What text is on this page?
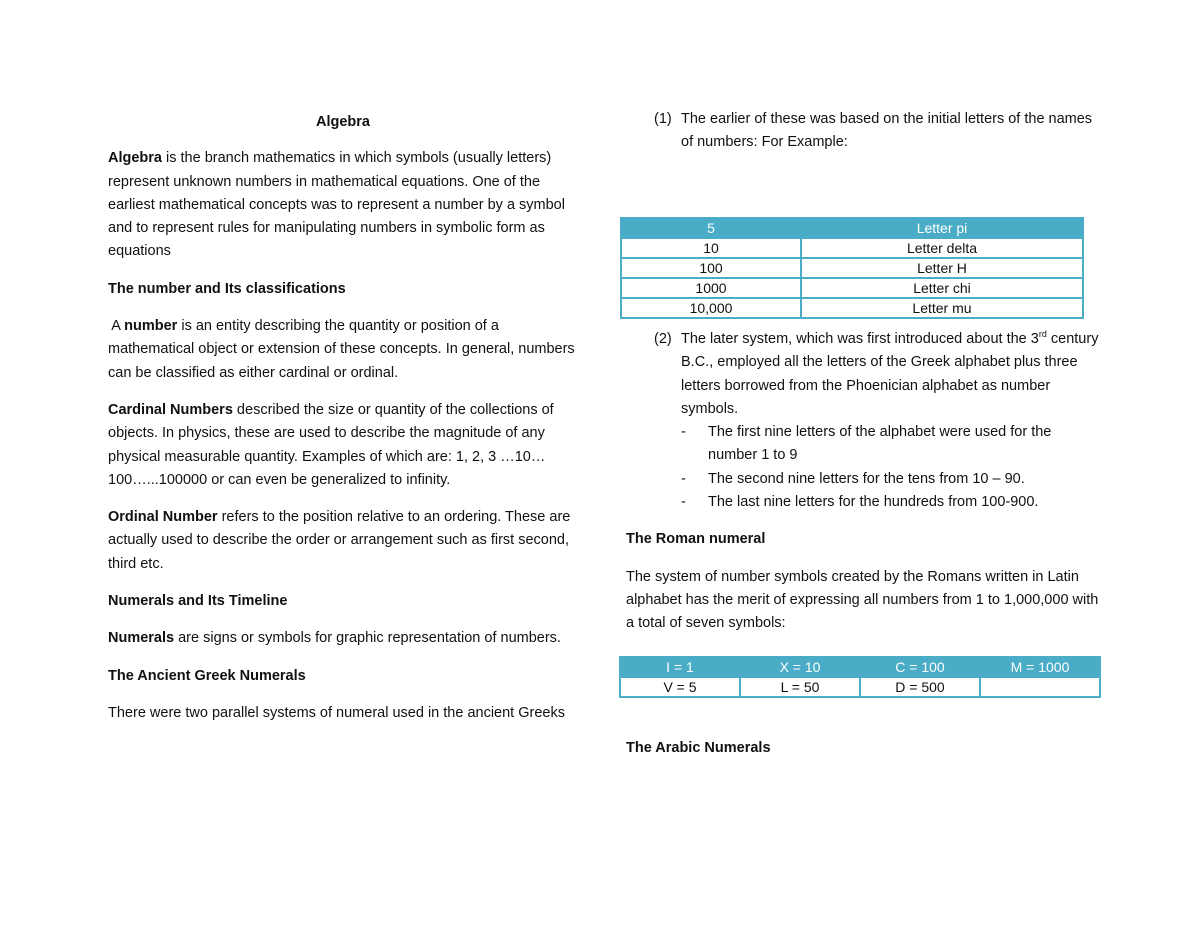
Algebra

Algebra is the branch mathematics in which symbols (usually letters) represent unknown numbers in mathematical equations. One of the earliest mathematical concepts was to represent a number by a symbol and to represent rules for manipulating numbers in symbolic form as equations

The number and Its classifications

A number is an entity describing the quantity or position of a mathematical object or extension of these concepts. In general, numbers can be classified as either cardinal or ordinal.

Cardinal Numbers described the size or quantity of the collections of objects. In physics, these are used to describe the magnitude of any physical measurable quantity. Examples of which are: 1, 2, 3 …10…100…...100000 or can even be generalized to infinity.

Ordinal Number refers to the position relative to an ordering. These are actually used to describe the order or arrangement such as first second, third etc.

Numerals and Its Timeline

Numerals are signs or symbols for graphic representation of numbers.

The Ancient Greek Numerals

There were two parallel systems of numeral used in the ancient Greeks

(1) The earlier of these was based on the initial letters of the names of numbers: For Example:
5	Letter pi
10	Letter delta
100	Letter H
1000	Letter chi
10,000	Letter mu
(2) The later system, which was first introduced about the 3rd century B.C., employed all the letters of the Greek alphabet plus three letters borrowed from the Phoenician alphabet as number symbols.
- The first nine letters of the alphabet were used for the number 1 to 9
- The second nine letters for the tens from 10 – 90.
- The last nine letters for the hundreds from 100-900.

The Roman numeral

The system of number symbols created by the Romans written in Latin alphabet has the merit of expressing all numbers from 1 to 1,000,000 with a total of seven symbols:

I = 1	X = 10	C = 100	M = 1000
V = 5	L = 50	D = 500	

The Arabic Numerals
